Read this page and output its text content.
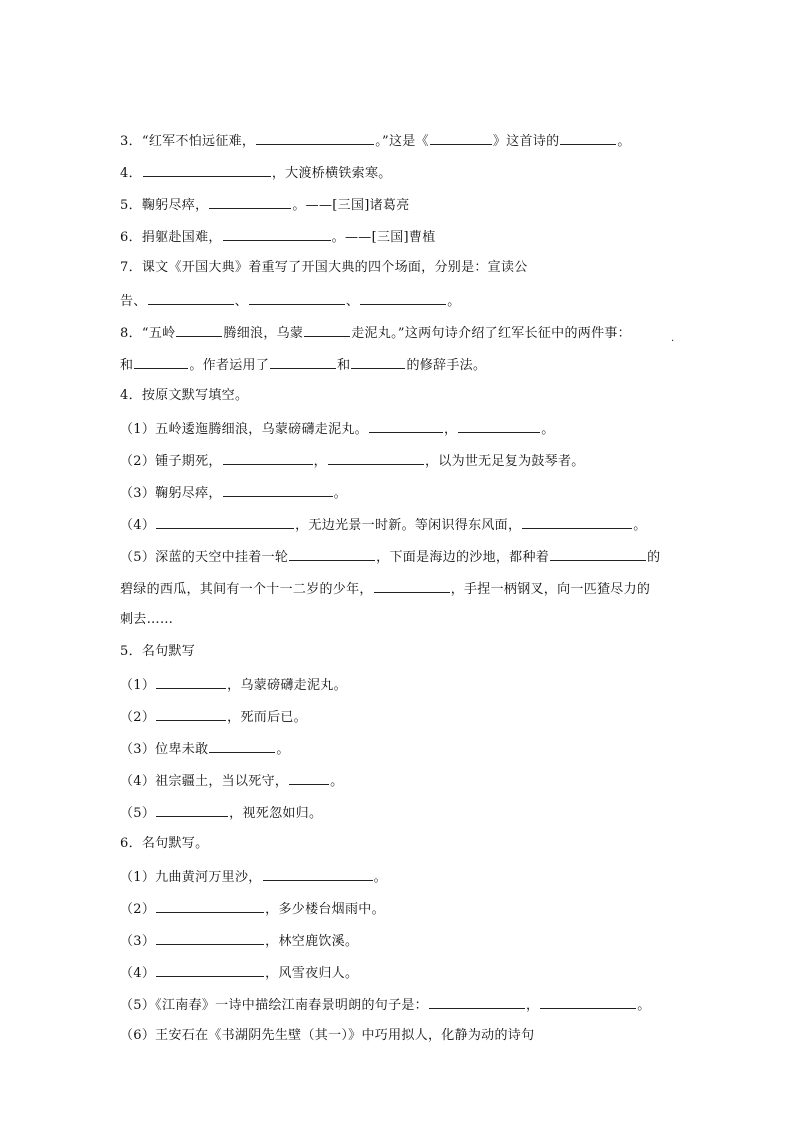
3．“红军不怕远征难，	。”这是《	》这首诗的	。
4．	，大渡桥横铁索寒。
5．鞠躬尽瘁，	。——[三国]诸葛亮
6．捐躯赴国难，	。——[三国]曹植
7．课文《开国大典》着重写了开国大典的四个场面，分别是：宣读公
告、	、	、	。
8．“五岭	腾细浪，乌蒙	走泥丸。”这两句诗介绍了红军长征中的两件事：
和	。作者运用了	和	的修辞手法。
4．按原文默写填空。
（1）五岭逶迤腾细浪，乌蒙磅礴走泥丸。	，	。
（2）锺子期死，	，	，以为世无足复为鼓琴者。
（3）鞠躬尽瘁，	。
（4）	，无边光景一时新。等闲识得东风面，	。
（5）深蓝的天空中挂着一轮	，下面是海边的沙地，都种着	的
碧绿的西瓜，其间有一个十一二岁的少年，	，手捏一柄钢叉，向一匹猹尽力的
刺去……
5．名句默写
（1）	，乌蒙磅礴走泥丸。
（2）	，死而后已。
（3）位卑未敢	。
（4）祖宗疆土，当以死守，	。
（5）	，视死忽如归。
6．名句默写。
（1）九曲黄河万里沙，	。
（2）	，多少楼台烟雨中。
（3）	，林空鹿饮溪。
（4）	，风雪夜归人。
（5）《江南春》一诗中描绘江南春景明朗的句子是：	，	。
（6）王安石在《书湖阴先生壁（其一）》中巧用拟人，化静为动的诗句
.
